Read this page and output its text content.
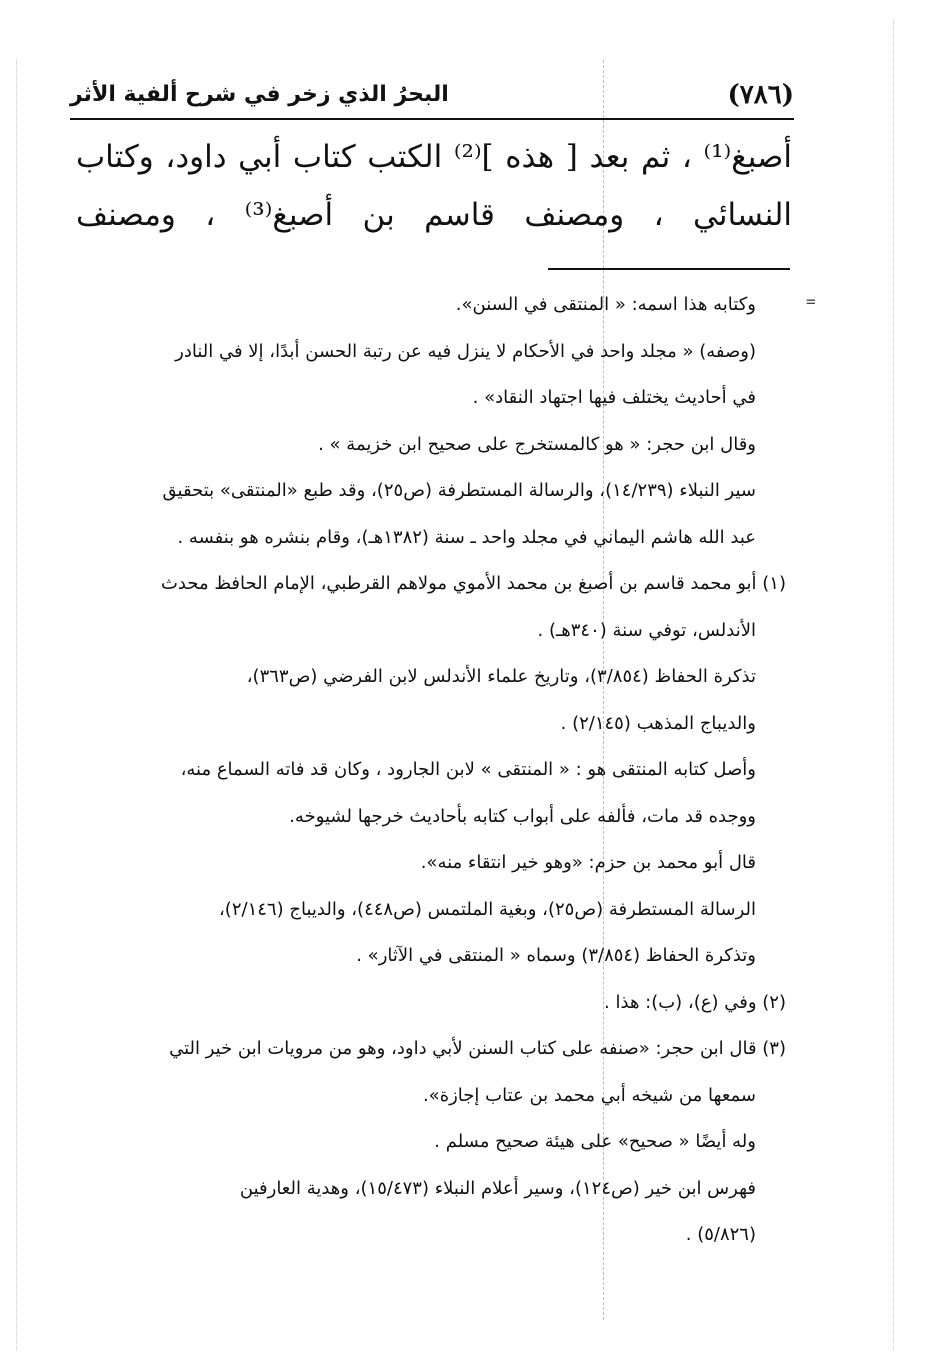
(٧٨٦)
البحرُ الذي زخر في شرح ألفية الأثر

أصبغ⁽¹⁾ ، ثم بعد [ هذه ]⁽²⁾ الكتب كتاب أبي داود، وكتاب

النسائي ، ومصنف قاسم بن أصبغ⁽³⁾ ، ومصنف

=
وكتابه هذا اسمه: « المنتقى في السنن».
(وصفه) « مجلد واحد في الأحكام لا ينزل فيه عن رتبة الحسن أبدًا، إلا في النادر
في أحاديث يختلف فيها اجتهاد النقاد» .
وقال ابن حجر: « هو كالمستخرج على صحيح ابن خزيمة » .
سير النبلاء (١٤/٢٣٩)، والرسالة المستطرفة (ص٢٥)، وقد طبع «المنتقى» بتحقيق
عبد الله هاشم اليماني في مجلد واحد ـ سنة (١٣٨٢هـ)، وقام بنشره هو بنفسه .
(١) أبو محمد قاسم بن أصبغ بن محمد الأموي مولاهم القرطبي، الإمام الحافظ محدث
الأندلس، توفي سنة (٣٤٠هـ) .
تذكرة الحفاظ (٣/٨٥٤)، وتاريخ علماء الأندلس لابن الفرضي (ص٣٦٣)،
والديباج المذهب (٢/١٤٥) .
وأصل كتابه المنتقى هو : « المنتقى » لابن الجارود ، وكان قد فاته السماع منه،
ووجده قد مات، فألفه على أبواب كتابه بأحاديث خرجها لشيوخه.
قال أبو محمد بن حزم: «وهو خير انتقاء منه».
الرسالة المستطرفة (ص٢٥)، وبغية الملتمس (ص٤٤٨)، والديباج (٢/١٤٦)،
وتذكرة الحفاظ (٣/٨٥٤) وسماه « المنتقى في الآثار» .
(٢) وفي (ع)، (ب): هذا .
(٣) قال ابن حجر: «صنفه على كتاب السنن لأبي داود، وهو من مرويات ابن خير التي
سمعها من شيخه أبي محمد بن عتاب إجازة».
وله أيضًا « صحيح» على هيئة صحيح مسلم .
فهرس ابن خير (ص١٢٤)، وسير أعلام النبلاء (١٥/٤٧٣)، وهدية العارفين
(٥/٨٢٦) .
